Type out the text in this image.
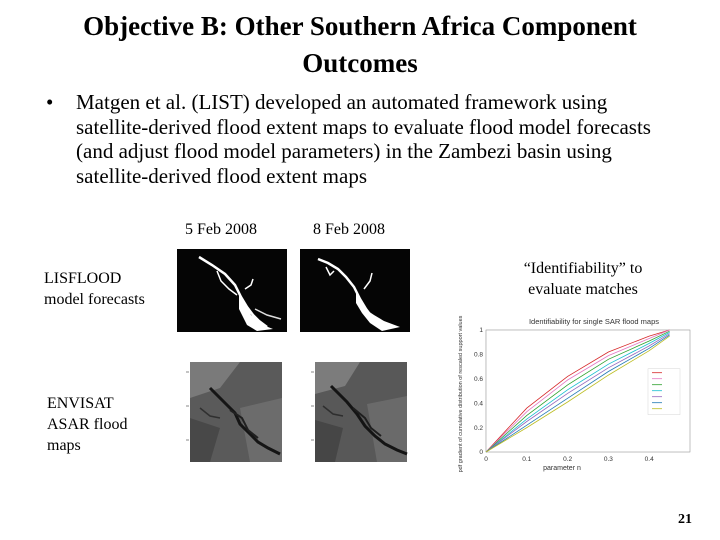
Objective B: Other Southern Africa Component
Outcomes
• Matgen et al. (LIST) developed an automated framework using satellite-derived flood extent maps to evaluate flood model forecasts (and adjust flood model parameters) in the Zambezi basin using satellite-derived flood extent maps
5 Feb 2008	8 Feb 2008
LISFLOOD
model forecasts
ENVISAT
ASAR flood
maps
“Identifiability” to
evaluate matches
0	0.1	0.2	0.3	0.4
0
0.2
0.4
0.6
0.8
1
Identifiability for single SAR flood maps
parameter n
pdf gradient of cumulative distribution of rescaled support values
21
